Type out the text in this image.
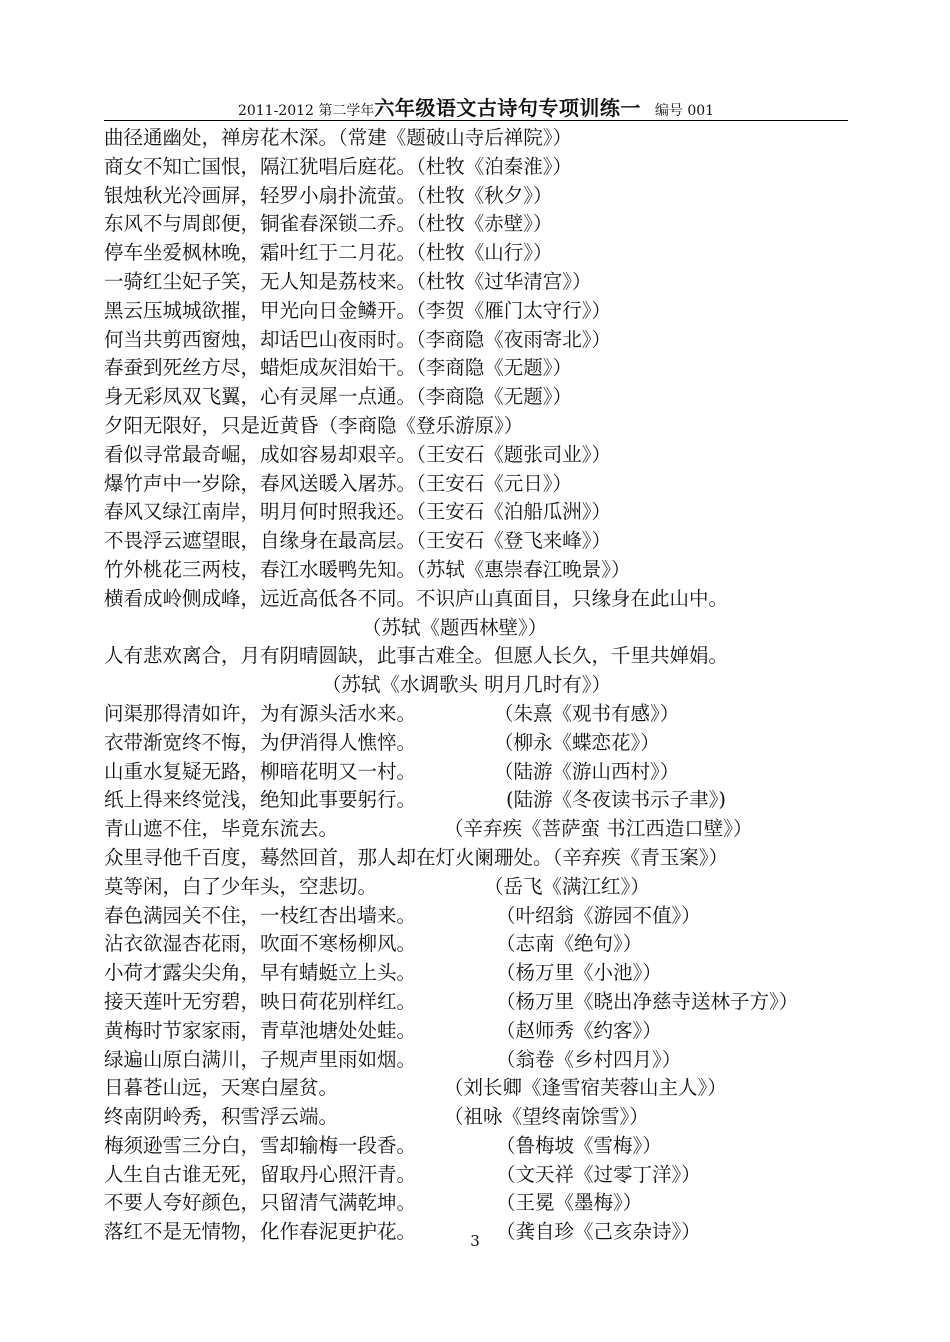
2011-2012 第二学年六年级语文古诗句专项训练一 编号 001
曲径通幽处，禅房花木深。（常建《题破山寺后禅院》）
商女不知亡国恨，隔江犹唱后庭花。（杜牧《泊秦淮》）
银烛秋光冷画屏，轻罗小扇扑流萤。（杜牧《秋夕》）
东风不与周郎便，铜雀春深锁二乔。（杜牧《赤壁》）
停车坐爱枫林晚，霜叶红于二月花。（杜牧《山行》）
一骑红尘妃子笑，无人知是荔枝来。（杜牧《过华清宫》）
黑云压城城欲摧，甲光向日金鳞开。（李贺《雁门太守行》）
何当共剪西窗烛，却话巴山夜雨时。（李商隐《夜雨寄北》）
春蚕到死丝方尽，蜡炬成灰泪始干。（李商隐《无题》）
身无彩凤双飞翼，心有灵犀一点通。（李商隐《无题》）
夕阳无限好，只是近黄昏（李商隐《登乐游原》）
看似寻常最奇崛，成如容易却艰辛。（王安石《题张司业》）
爆竹声中一岁除，春风送暖入屠苏。（王安石《元日》）
春风又绿江南岸，明月何时照我还。（王安石《泊船瓜洲》）
不畏浮云遮望眼，自缘身在最高层。（王安石《登飞来峰》）
竹外桃花三两枝，春江水暖鸭先知。（苏轼《惠崇春江晚景》）
横看成岭侧成峰，远近高低各不同。不识庐山真面目，只缘身在此山中。
（苏轼《题西林壁》）
人有悲欢离合，月有阴晴圆缺，此事古难全。但愿人长久，千里共婵娟。
（苏轼《水调歌头 明月几时有》）
问渠那得清如许，为有源头活水来。	（朱熹《观书有感》）
衣带渐宽终不悔，为伊消得人憔悴。	（柳永《蝶恋花》）
山重水复疑无路，柳暗花明又一村。	（陆游《游山西村》）
纸上得来终觉浅，绝知此事要躬行。	(陆游《冬夜读书示子聿》)
青山遮不住，毕竟东流去。	（辛弃疾《菩萨蛮 书江西造口壁》）
众里寻他千百度，蓦然回首，那人却在灯火阑珊处。（辛弃疾《青玉案》）
莫等闲，白了少年头，空悲切。	（岳飞《满江红》）
春色满园关不住，一枝红杏出墙来。	（叶绍翁《游园不值》）
沾衣欲湿杏花雨，吹面不寒杨柳风。	（志南《绝句》）
小荷才露尖尖角，早有蜻蜓立上头。	（杨万里《小池》）
接天莲叶无穷碧，映日荷花别样红。	（杨万里《晓出净慈寺送林子方》）
黄梅时节家家雨，青草池塘处处蛙。	（赵师秀《约客》）
绿遍山原白满川，子规声里雨如烟。	（翁卷《乡村四月》）
日暮苍山远，天寒白屋贫。	（刘长卿《逢雪宿芙蓉山主人》）
终南阴岭秀，积雪浮云端。	（祖咏《望终南馀雪》）
梅须逊雪三分白，雪却输梅一段香。	（鲁梅坡《雪梅》）
人生自古谁无死，留取丹心照汗青。	（文天祥《过零丁洋》）
不要人夸好颜色，只留清气满乾坤。	（王冕《墨梅》）
落红不是无情物，化作春泥更护花。	（龚自珍《己亥杂诗》）
3
